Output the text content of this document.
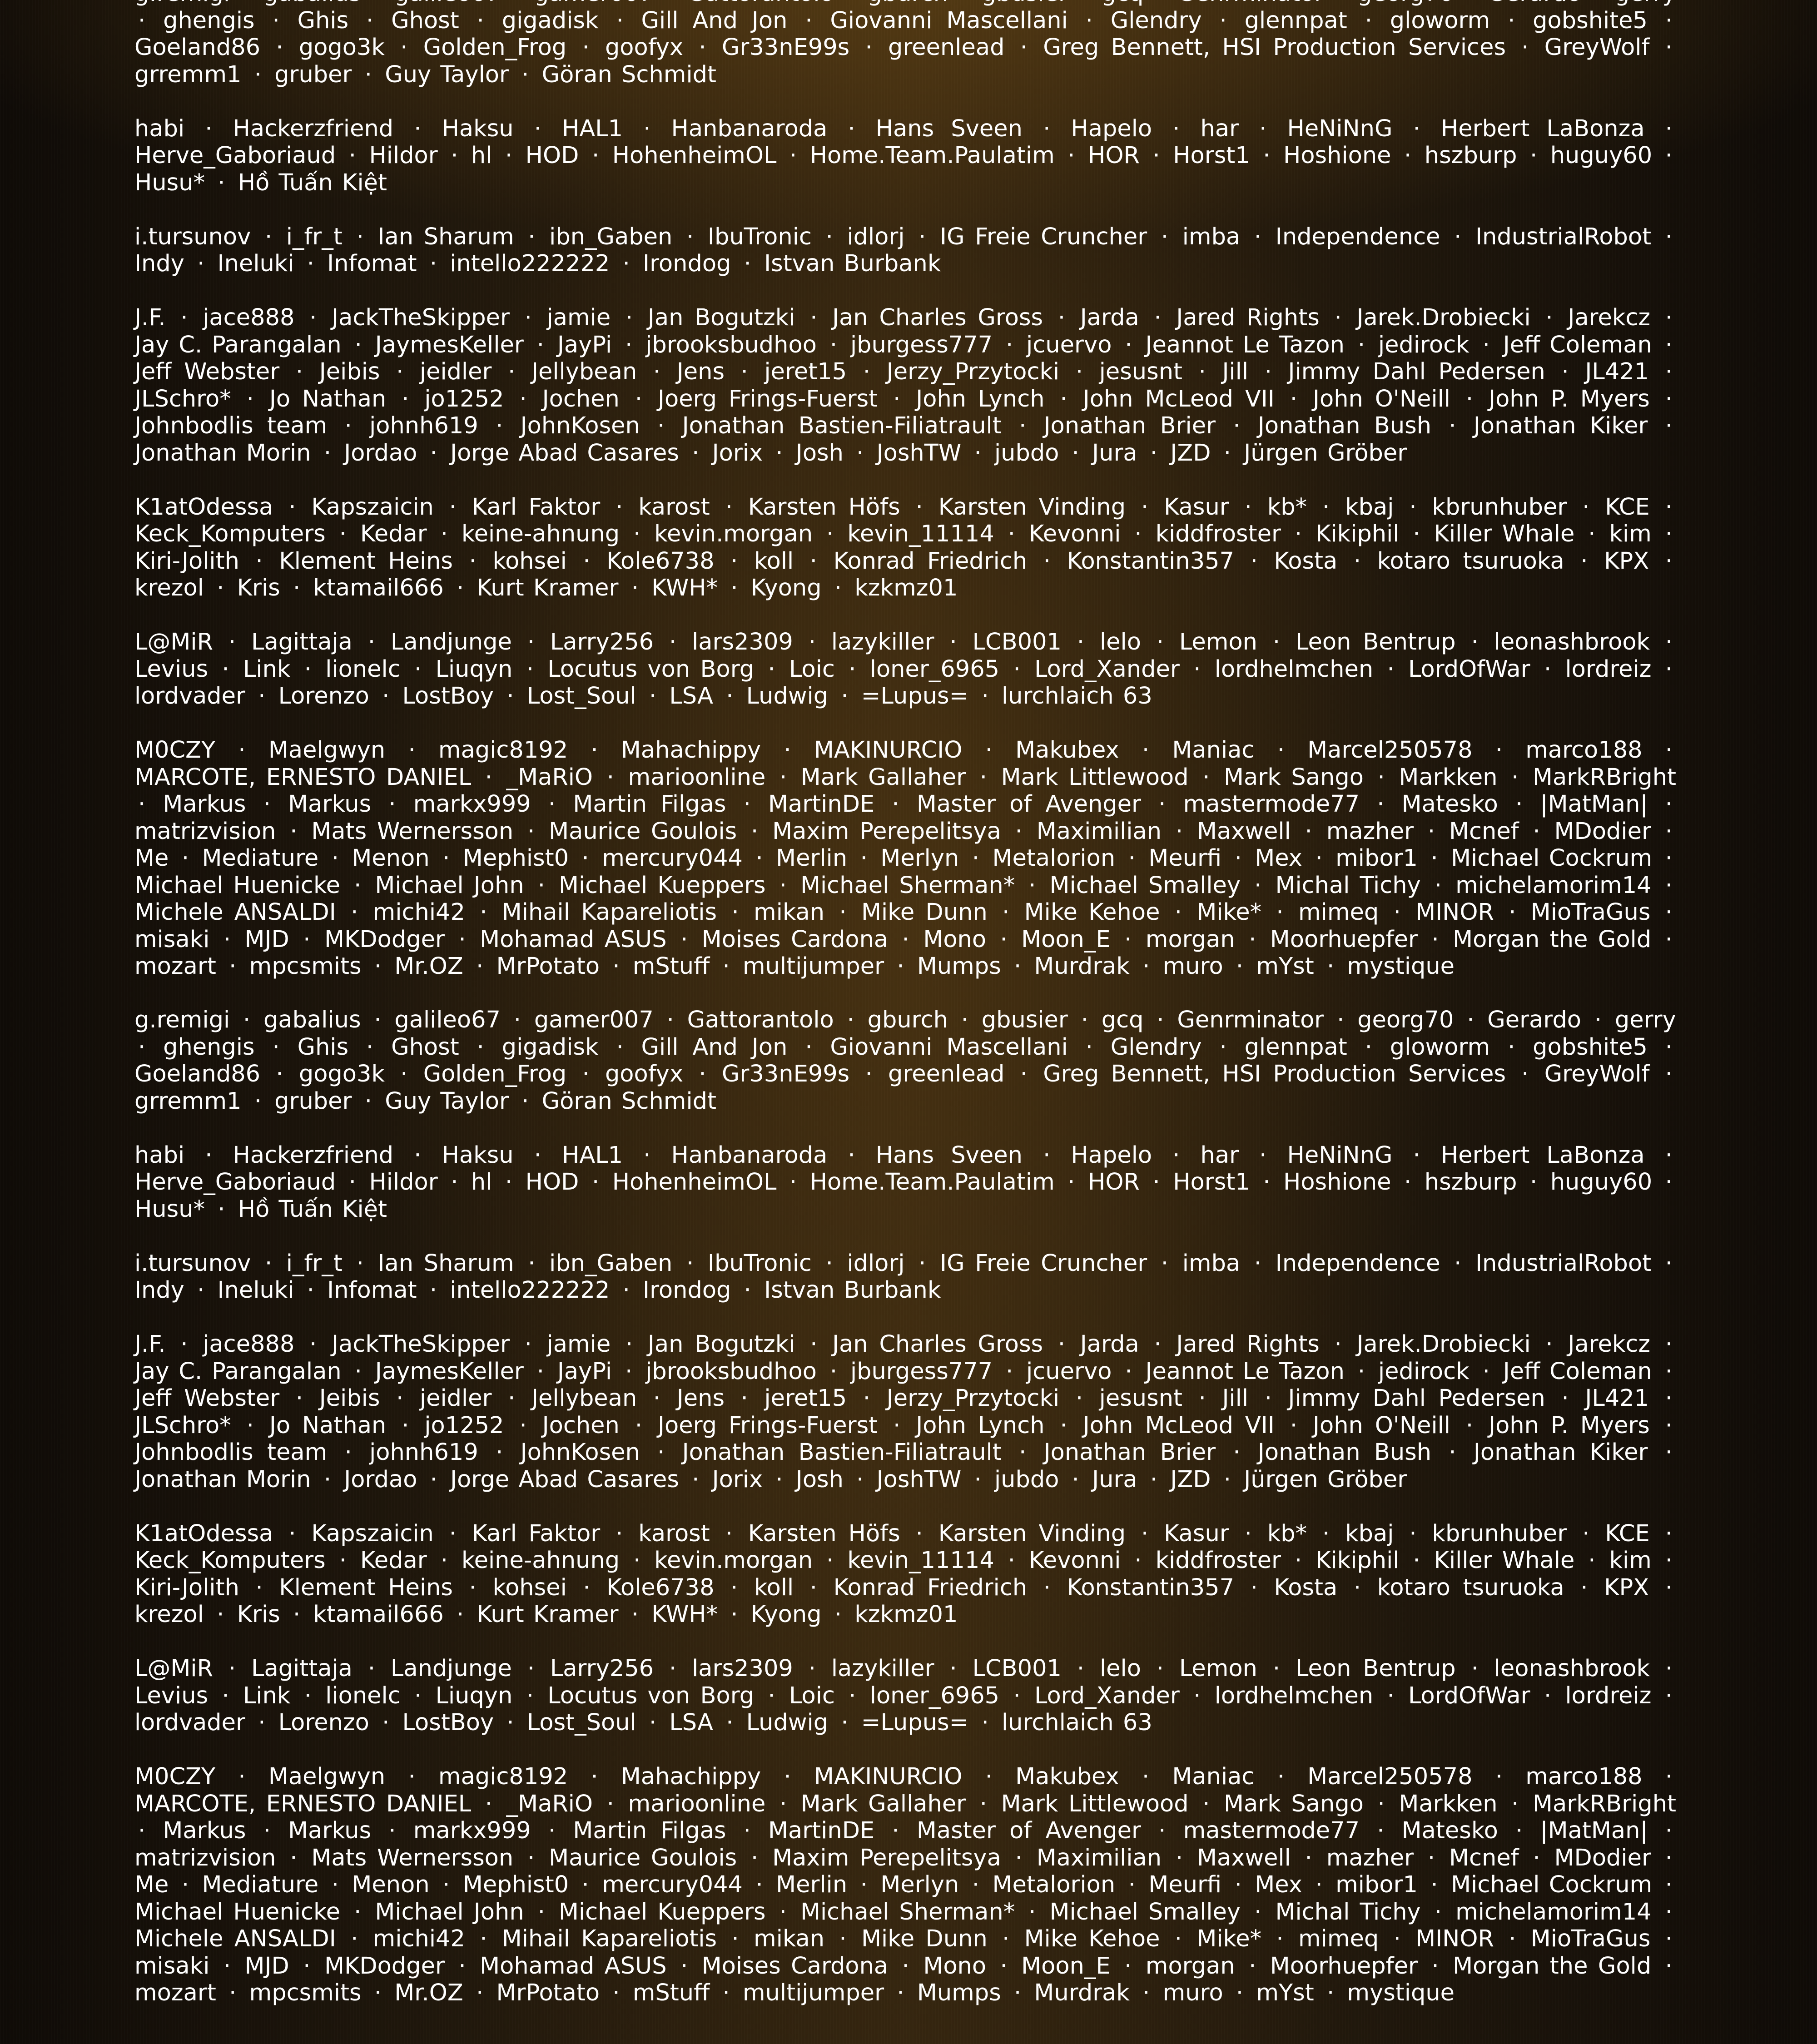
· ghengis · Ghis · Ghost · gigadisk · Gill And Jon · Giovanni Mascellani · Glendry · glennpat · gloworm · gobshite5 · Goeland86 · gogo3k · Golden_Frog · goofyx · Gr33nE99s · greenlead · Greg Bennett, HSI Production Services · GreyWolf · grremm1 · gruber · Guy Taylor · Göran Schmidt
habi · Hackerzfriend · Haksu · HAL1 · Hanbanaroda · Hans Sveen · Hapelo · har · HeNiNnG · Herbert LaBonza · Herve_Gaboriaud · Hildor · hl · HOD · HohenheimOL · Home.Team.Paulatim · HOR · Horst1 · Hoshione · hszburp · huguy60 · Husu* · Hồ Tuấn Kiệt
i.tursunov · i_fr_t · Ian Sharum · ibn_Gaben · IbuTronic · idlorj · IG Freie Cruncher · imba · Independence · IndustrialRobot · Indy · Ineluki · Infomat · intello222222 · Irondog · Istvan Burbank
J.F. · jace888 · JackTheSkipper · jamie · Jan Bogutzki · Jan Charles Gross · Jarda · Jared Rights · Jarek.Drobiecki · Jarekcz · Jay C. Parangalan · JaymesKeller · JayPi · jbrooksbudhoo · jburgess777 · jcuervo · Jeannot Le Tazon · jedirock · Jeff Coleman · Jeff Webster · Jeibis · jeidler · Jellybean · Jens · jeret15 · Jerzy_Przytocki · jesusnt · Jill · Jimmy Dahl Pedersen · JL421 · JLSchro* · Jo Nathan · jo1252 · Jochen · Joerg Frings-Fuerst · John Lynch · John McLeod VII · John O'Neill · John P. Myers · Johnbodlis team · johnh619 · JohnKosen · Jonathan Bastien-Filiatrault · Jonathan Brier · Jonathan Bush · Jonathan Kiker · Jonathan Morin · Jordao · Jorge Abad Casares · Jorix · Josh · JoshTW · jubdo · Jura · JZD · Jürgen Gröber
K1atOdessa · Kapszaicin · Karl Faktor · karost · Karsten Höfs · Karsten Vinding · Kasur · kb* · kbaj · kbrunhuber · KCE · Keck_Komputers · Kedar · keine-ahnung · kevin.morgan · kevin_11114 · Kevonni · kiddfroster · Kikiphil · Killer Whale · kim · Kiri-Jolith · Klement Heins · kohsei · Kole6738 · koll · Konrad Friedrich · Konstantin357 · Kosta · kotaro tsuruoka · KPX · krezol · Kris · ktamail666 · Kurt Kramer · KWH* · Kyong · kzkmz01
L@MiR · Lagittaja · Landjunge · Larry256 · lars2309 · lazykiller · LCB001 · lelo · Lemon · Leon Bentrup · leonashbrook · Levius · Link · lionelc · Liuqyn · Locutus von Borg · Loic · loner_6965 · Lord_Xander · lordhelmchen · LordOfWar · lordreiz · lordvader · Lorenzo · LostBoy · Lost_Soul · LSA · Ludwig · =Lupus= · lurchlaich 63
M0CZY · Maelgwyn · magic8192 · Mahachippy · MAKINURCIO · Makubex · Maniac · Marcel250578 · marco188 · MARCOTE, ERNESTO DANIEL · _MaRiO · marioonline · Mark Gallaher · Mark Littlewood · Mark Sango · Markken · MarkRBright · Markus · Markus · markx999 · Martin Filgas · MartinDE · Master of Avenger · mastermode77 · Matesko · |MatMan| · matrizvision · Mats Wernersson · Maurice Goulois · Maxim Perepelitsya · Maximilian · Maxwell · mazher · Mcnef · MDodier · Me · Mediature · Menon · Mephist0 · mercury044 · Merlin · Merlyn · Metalorion · Meurfi · Mex · mibor1 · Michael Cockrum · Michael Huenicke · Michael John · Michael Kueppers · Michael Sherman* · Michael Smalley · Michal Tichy · michelamorim14 · Michele ANSALDI · michi42 · Mihail Kapareliotis · mikan · Mike Dunn · Mike Kehoe · Mike* · mimeq · MINOR · MioTraGus · misaki · MJD · MKDodger · Mohamad ASUS · Moises Cardona · Mono · Moon_E · morgan · Moorhuepfer · Morgan the Gold · mozart · mpcsmits · Mr.OZ · MrPotato · mStuff · multijumper · Mumps · Murdrak · muro · mYst · mystique
g.remigi · gabalius · galileo67 · gamer007 · Gattorantolo · gburch · gbusier · gcq · Genrminator · georg70 · Gerardo · gerry · ghengis · Ghis · Ghost · gigadisk · Gill And Jon · Giovanni Mascellani · Glendry · glennpat · gloworm · gobshite5 · Goeland86 · gogo3k · Golden_Frog · goofyx · Gr33nE99s · greenlead · Greg Bennett, HSI Production Services · GreyWolf · grremm1 · gruber · Guy Taylor · Göran Schmidt
habi · Hackerzfriend · Haksu · HAL1 · Hanbanaroda · Hans Sveen · Hapelo · har · HeNiNnG · Herbert LaBonza · Herve_Gaboriaud · Hildor · hl · HOD · HohenheimOL · Home.Team.Paulatim · HOR · Horst1 · Hoshione · hszburp · huguy60 · Husu* · Hồ Tuấn Kiệt
i.tursunov · i_fr_t · Ian Sharum · ibn_Gaben · IbuTronic · idlorj · IG Freie Cruncher · imba · Independence · IndustrialRobot · Indy · Ineluki · Infomat · intello222222 · Irondog · Istvan Burbank
J.F. · jace888 · JackTheSkipper · jamie · Jan Bogutzki · Jan Charles Gross · Jarda · Jared Rights · Jarek.Drobiecki · Jarekcz · Jay C. Parangalan · JaymesKeller · JayPi · jbrooksbudhoo · jburgess777 · jcuervo · Jeannot Le Tazon · jedirock · Jeff Coleman · Jeff Webster · Jeibis · jeidler · Jellybean · Jens · jeret15 · Jerzy_Przytocki · jesusnt · Jill · Jimmy Dahl Pedersen · JL421 · JLSchro* · Jo Nathan · jo1252 · Jochen · Joerg Frings-Fuerst · John Lynch · John McLeod VII · John O'Neill · John P. Myers · Johnbodlis team · johnh619 · JohnKosen · Jonathan Bastien-Filiatrault · Jonathan Brier · Jonathan Bush · Jonathan Kiker · Jonathan Morin · Jordao · Jorge Abad Casares · Jorix · Josh · JoshTW · jubdo · Jura · JZD · Jürgen Gröber
K1atOdessa · Kapszaicin · Karl Faktor · karost · Karsten Höfs · Karsten Vinding · Kasur · kb* · kbaj · kbrunhuber · KCE · Keck_Komputers · Kedar · keine-ahnung · kevin.morgan · kevin_11114 · Kevonni · kiddfroster · Kikiphil · Killer Whale · kim · Kiri-Jolith · Klement Heins · kohsei · Kole6738 · koll · Konrad Friedrich · Konstantin357 · Kosta · kotaro tsuruoka · KPX · krezol · Kris · ktamail666 · Kurt Kramer · KWH* · Kyong · kzkmz01
L@MiR · Lagittaja · Landjunge · Larry256 · lars2309 · lazykiller · LCB001 · lelo · Lemon · Leon Bentrup · leonashbrook · Levius · Link · lionelc · Liuqyn · Locutus von Borg · Loic · loner_6965 · Lord_Xander · lordhelmchen · LordOfWar · lordreiz · lordvader · Lorenzo · LostBoy · Lost_Soul · LSA · Ludwig · =Lupus= · lurchlaich 63
M0CZY · Maelgwyn · magic8192 · Mahachippy · MAKINURCIO · Makubex · Maniac · Marcel250578 · marco188 · MARCOTE, ERNESTO DANIEL · _MaRiO · marioonline · Mark Gallaher · Mark Littlewood · Mark Sango · Markken · MarkRBright · Markus · Markus · markx999 · Martin Filgas · MartinDE · Master of Avenger · mastermode77 · Matesko · |MatMan| · matrizvision · Mats Wernersson · Maurice Goulois · Maxim Perepelitsya · Maximilian · Maxwell · mazher · Mcnef · MDodier · Me · Mediature · Menon · Mephist0 · mercury044 · Merlin · Merlyn · Metalorion · Meurfi · Mex · mibor1 · Michael Cockrum · Michael Huenicke · Michael John · Michael Kueppers · Michael Sherman* · Michael Smalley · Michal Tichy · michelamorim14 · Michele ANSALDI · michi42 · Mihail Kapareliotis · mikan · Mike Dunn · Mike Kehoe · Mike* · mimeq · MINOR · MioTraGus · misaki · MJD · MKDodger · Mohamad ASUS · Moises Cardona · Mono · Moon_E · morgan · Moorhuepfer · Morgan the Gold · mozart · mpcsmits · Mr.OZ · MrPotato · mStuff · multijumper · Mumps · Murdrak · muro · mYst · mystique
